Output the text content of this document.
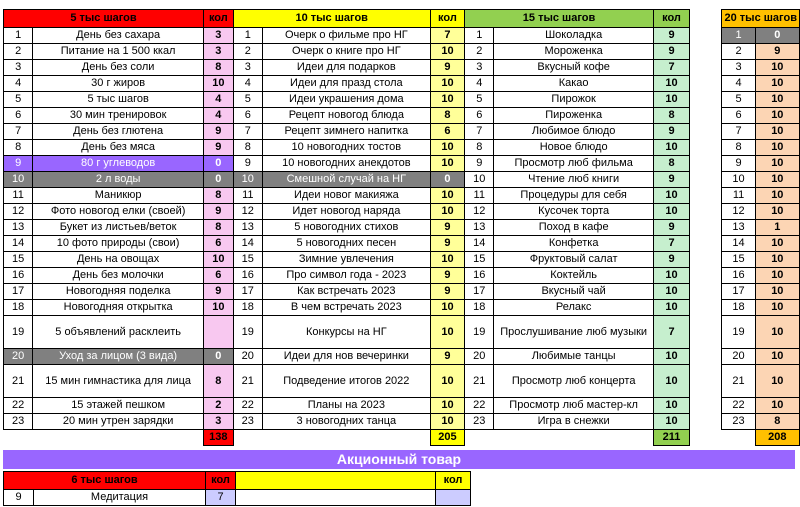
5 тыс шагов		кол	10 тыс шагов		кол	15 тыс шагов		кол		20 тыс шагов	
1	День без сахара	3	1	Очерк о фильме про НГ	7	1	Шоколадка	9		1	0
2	Питание на 1 500 ккал	3	2	Очерк о книге про НГ	10	2	Мороженка	9		2	9
3	День без соли	8	3	Идеи для подарков	9	3	Вкусный кофе	7		3	10
4	30 г жиров	10	4	Идеи для празд стола	10	4	Какао	10		4	10
5	5 тыс шагов	4	5	Идеи украшения дома	10	5	Пирожок	10		5	10
6	30 мин тренировок	4	6	Рецепт новогод блюда	8	6	Пироженка	8		6	10
7	День без глютена	9	7	Рецепт зимнего напитка	6	7	Любимое блюдо	9		7	10
8	День без мяса	9	8	10 новогодних тостов	10	8	Новое блюдо	10		8	10
9	80 г углеводов	0	9	10 новогодних анекдотов	10	9	Просмотр люб фильма	8		9	10
10	2 л воды	0	10	Смешной случай на НГ	0	10	Чтение люб книги	9		10	10
11	Маникюр	8	11	Идеи новог макияжа	10	11	Процедуры для себя	10		11	10
12	Фото новогод елки (своей)	9	12	Идет новогод наряда	10	12	Кусочек торта	10		12	10
13	Букет из листьев/веток	8	13	5 новогодних стихов	9	13	Поход в кафе	9		13	1
14	10 фото природы (свои)	6	14	5 новогодних песен	9	14	Конфетка	7		14	10
15	День на овощах	10	15	Зимние увлечения	10	15	Фруктовый салат	9		15	10
16	День без молочки	6	16	Про символ года - 2023	9	16	Коктейль	10		16	10
17	Новогодняя поделка	9	17	Как встречать 2023	9	17	Вкусный чай	10		17	10
18	Новогодняя открытка	10	18	В чем встречать 2023	10	18	Релакс	10		18	10
19	5 объявлений расклеить		19	Конкурсы на НГ	10	19	Прослушивание люб музыки	7		19	10
20	Уход за лицом (3 вида)	0	20	Идеи для нов вечеринки	9	20	Любимые танцы	10		20	10
21	15 мин гимнастика для лица	8	21	Подведение итогов 2022	10	21	Просмотр люб концерта	10		21	10
22	15 этажей пешком	2	22	Планы на 2023	10	22	Просмотр люб мастер-кл	10		22	10
23	20 мин утрен зарядки	3	23	3 новогодних танца	10	23	Игра в снежки	10		23	8
		138			205			211			208
Акционный товар
6 тыс шагов		кол		кол
9	Медитация	7		
